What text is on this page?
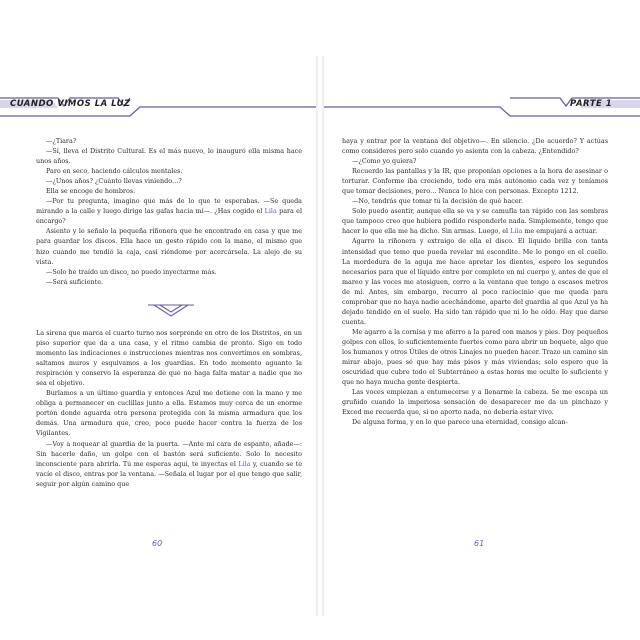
CUANDO VIMOS LA LUZ	PARTE 1

—¿Tiara?

—Sí, lleva el Distrito Cultural. Es el más nuevo, lo inauguró ella misma hace unos años.

Paro en seco, haciendo cálculos mentales.

—¿Unos años? ¿Cuánto llevas viniendo…?

Ella se encoge de hombros.

—Por tu pregunta, imagino que más de lo que te esperabas. —Se queda mirando a la calle y luego dirige las gafas hacia mí—. ¿Has cogido el Lila para el encargo?

Asiento y le señalo la pequeña riñonera que he encontrado en casa y que me para guardar los discos. Ella hace un gesto rápido con la mano, el mismo que hizo cuando me tendió la caja, casi riéndome por acercársela. La alejo de su vista.

—Solo he traído un disco, no puedo inyectarme más.

—Será suficiente.

La sirena que marca el cuarto turno nos sorprende en otro de los Distritos, en un piso superior que da a una casa, y el ritmo cambia de pronto. Sigo en todo momento las indicaciones e instrucciones mientras nos convertimos en sombras, saltamos muros y esquivamos a los guardias. En todo momento aguanto la respiración y conservo la esperanza de que no haga falta matar a nadie que no sea el objetivo.

Burlamos a un último guardia y entonces Azul me detiene con la mano y me obliga a permanecer en cuclillas junto a ella. Estamos muy cerca de un enorme portón donde aguarda otra persona protegida con la misma armadura que los demás. Una armadura que, creo, poco puede hacer contra la fuerza de los Vigilantes.

—Voy a noquear al guardia de la puerta. —Ante mi cara de espanto, añade—: Sin hacerle daño, un golpe con el bastón será suficiente. Solo lo necesito inconsciente para abrirla. Tú me esperas aquí, te inyectas el Lila y, cuando se te vacíe el disco, entras por la ventana. —Señala el lugar por el que tengo que salir, seguir por algún camino que

haya y entrar por la ventana del objetivo—. En silencio. ¿De acuerdo? Y actúas como consideres pero solo cuando yo asienta con la cabeza. ¿Entendido?

—¿Como yo quiera?

Recuerdo las pantallas y la IR, que proponían opciones a la hora de asesinar o torturar. Conforme iba creciendo, todo era más autónomo cada vez y teníamos que tomar decisiones, pero… Nunca lo hice con personas. Excepto 1212.

—No, tendrás que tomar tú la decisión de qué hacer.

Solo puedo asentir, aunque ella se va y se camufla tan rápido con las sombras que tampoco creo que hubiera podido responderle nada. Simplemente, tengo que hacer lo que ella me ha dicho. Sin armas. Luego, el Lila me empujará a actuar.

Agarro la riñonera y extraigo de ella el disco. El líquido brilla con tanta intensidad que temo que pueda revelar mi escondite. Me lo pongo en el cuello. La mordedura de la aguja me hace apretar los dientes, espero los segundos necesarios para que el líquido entre por completo en mi cuerpo y, antes de que el mareo y las voces me atosiguen, corro a la ventana que tengo a escasos metros de mí. Antes, sin embargo, recurro al poco raciocinio que me queda para comprobar que no haya nadie acechándome, aparte del guardia al que Azul ya ha dejado tendido en el suelo. Ha sido tan rápido que ni lo he oído. Hay que darse cuenta.

Me agarro a la cornisa y me aferro a la pared con manos y pies. Doy pequeños golpes con ellos, lo suficientemente fuertes como para abrir un boquete, algo que los humanos y otros Útiles de otros Linajes no pueden hacer. Trazo un camino sin mirar abajo, pues sé que hay más pisos y más viviendas; solo espero que la oscuridad que cubre todo el Subterráneo a estas horas me oculte lo suficiente y que no haya mucha gente despierta.

Las voces empiezan a entumecerse y a llenarme la cabeza. Se me escapa un gruñido cuando la imperiosa sensación de desaparecer me da un pinchazo y Exced me recuerda que, si no aporto nada, no debería estar vivo.

De alguna forma, y en lo que parece una eternidad, consigo alcan-

60	61
